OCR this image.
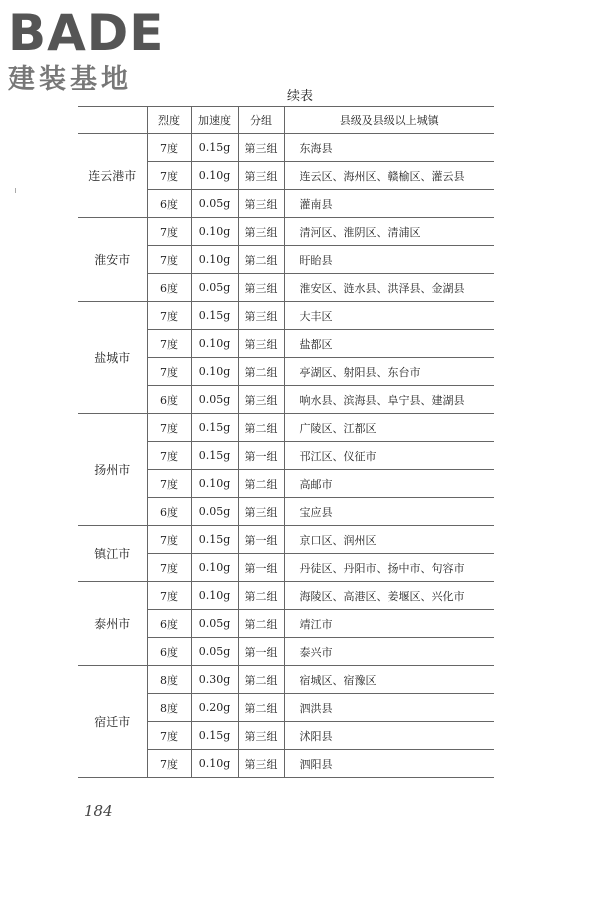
BADE
建装基地
续表
	烈度	加速度	分组	县级及县级以上城镇
连云港市	7度	0.15g	第三组	东海县
	7度	0.10g	第三组	连云区、海州区、赣榆区、灌云县
	6度	0.05g	第三组	灌南县
淮安市	7度	0.10g	第三组	清河区、淮阴区、清浦区
	7度	0.10g	第二组	盱眙县
	6度	0.05g	第三组	淮安区、涟水县、洪泽县、金湖县
盐城市	7度	0.15g	第三组	大丰区
	7度	0.10g	第三组	盐都区
	7度	0.10g	第二组	亭湖区、射阳县、东台市
	6度	0.05g	第三组	响水县、滨海县、阜宁县、建湖县
扬州市	7度	0.15g	第二组	广陵区、江都区
	7度	0.15g	第一组	邗江区、仪征市
	7度	0.10g	第二组	高邮市
	6度	0.05g	第三组	宝应县
镇江市	7度	0.15g	第一组	京口区、润州区
	7度	0.10g	第一组	丹徒区、丹阳市、扬中市、句容市
泰州市	7度	0.10g	第二组	海陵区、高港区、姜堰区、兴化市
	6度	0.05g	第二组	靖江市
	6度	0.05g	第一组	泰兴市
宿迁市	8度	0.30g	第二组	宿城区、宿豫区
	8度	0.20g	第二组	泗洪县
	7度	0.15g	第三组	沭阳县
	7度	0.10g	第三组	泗阳县
184
